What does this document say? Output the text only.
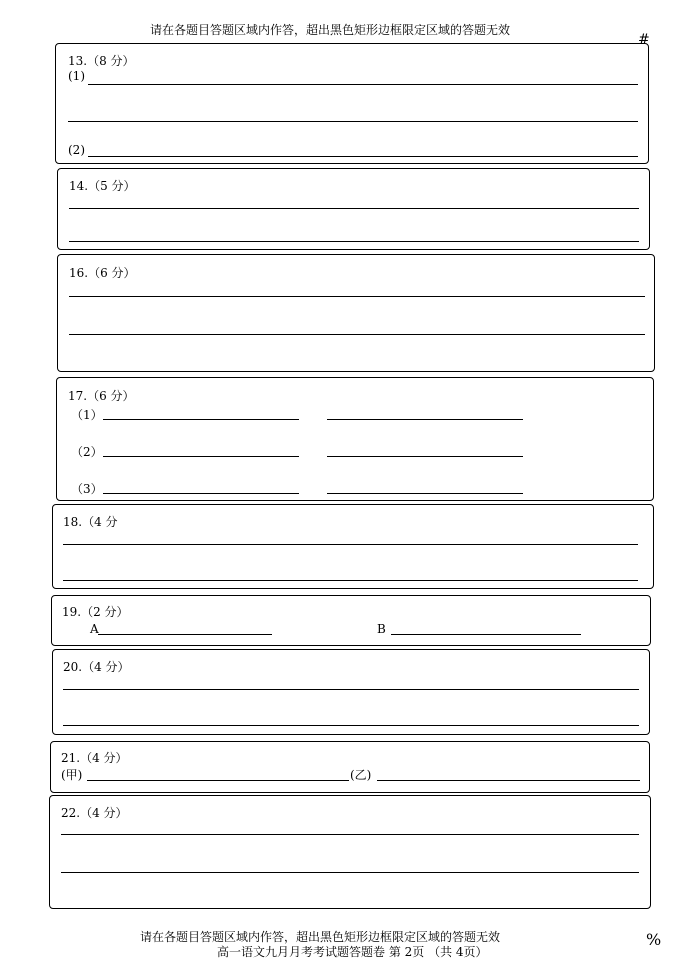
请在各题目答题区域内作答，超出黑色矩形边框限定区域的答题无效
#
13.（8 分）
(1)
(2)
14.（5 分）
16.（6 分）
17.（6 分）
（1）
（2）
（3）
18.（4 分
19.（2 分）
A	B
20.（4 分）
21.（4 分）
(甲)	(乙)
22.（4 分）
请在各题目答题区域内作答，超出黑色矩形边框限定区域的答题无效
高一语文九月月考考试题答题卷 第 2页 （共 4页）
%
